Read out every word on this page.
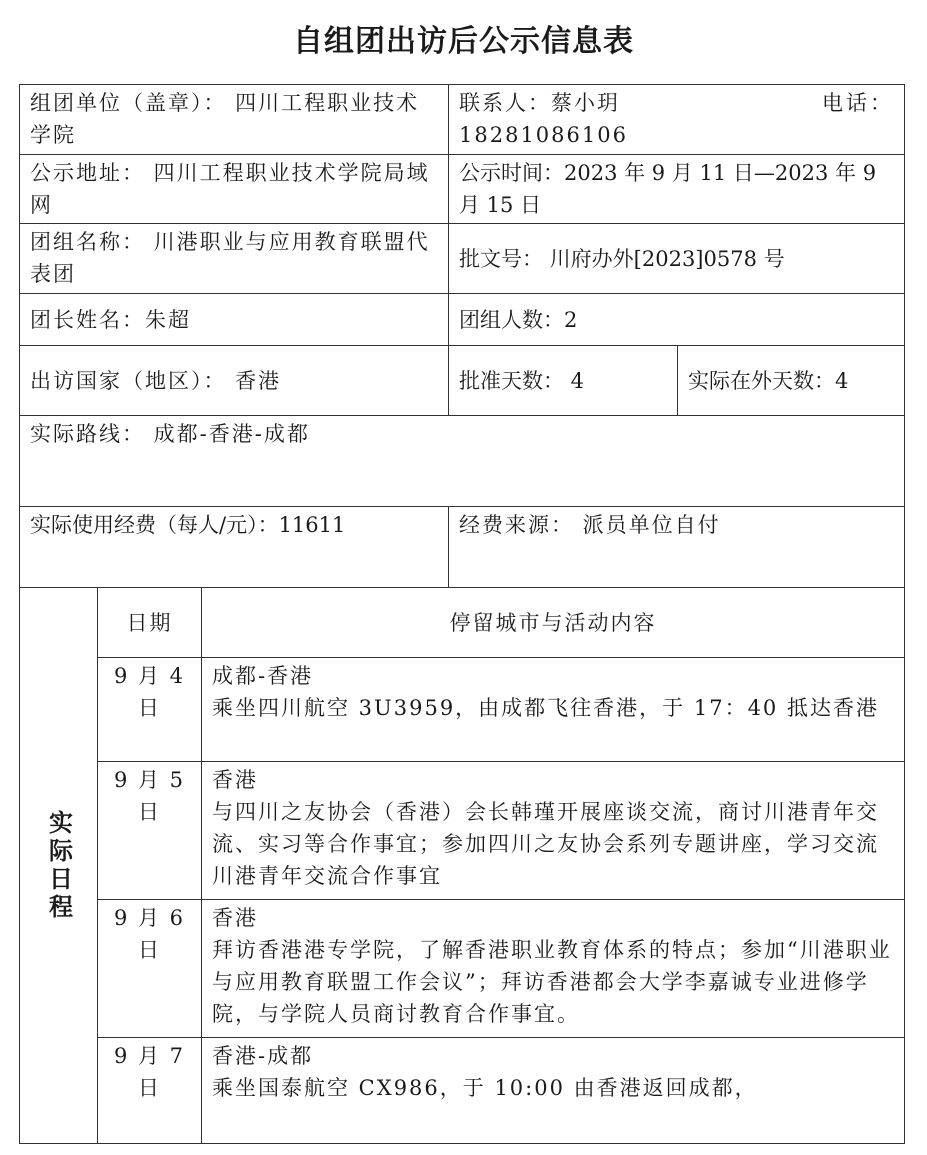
自组团出访后公示信息表
组团单位（盖章）： 四川工程职业技术学院			联系人：蔡小玥 电话：
18281086106	

公示地址： 四川工程职业技术学院局域网			公示时间：2023 年 9 月 11 日—2023 年 9 月 15 日	
团组名称： 川港职业与应用教育联盟代表团			批文号： 川府办外[2023]0578 号	
团长姓名：朱超			团组人数：2	
出访国家（地区）： 香港			批准天数： 4	实际在外天数：4
实际路线： 成都-香港-成都				
实际使用经费（每人/元）：11611			经费来源： 派员单位自付	

实际日程	日期	停留城市与活动内容		
	9 月 4 日	成都-香港
乘坐四川航空 3U3959，由成都飞往香港，于 17：40 抵达香港		

	9 月 5 日	香港
与四川之友协会（香港）会长韩瑾开展座谈交流，商讨川港青年交流、实习等合作事宜；参加四川之友协会系列专题讲座，学习交流川港青年交流合作事宜		

	9 月 6 日	香港
拜访香港港专学院，了解香港职业教育体系的特点；参加“川港职业与应用教育联盟工作会议”；拜访香港都会大学李嘉诚专业进修学院，与学院人员商讨教育合作事宜。		

	9 月 7 日	香港-成都
乘坐国泰航空 CX986，于 10:00 由香港返回成都，		
